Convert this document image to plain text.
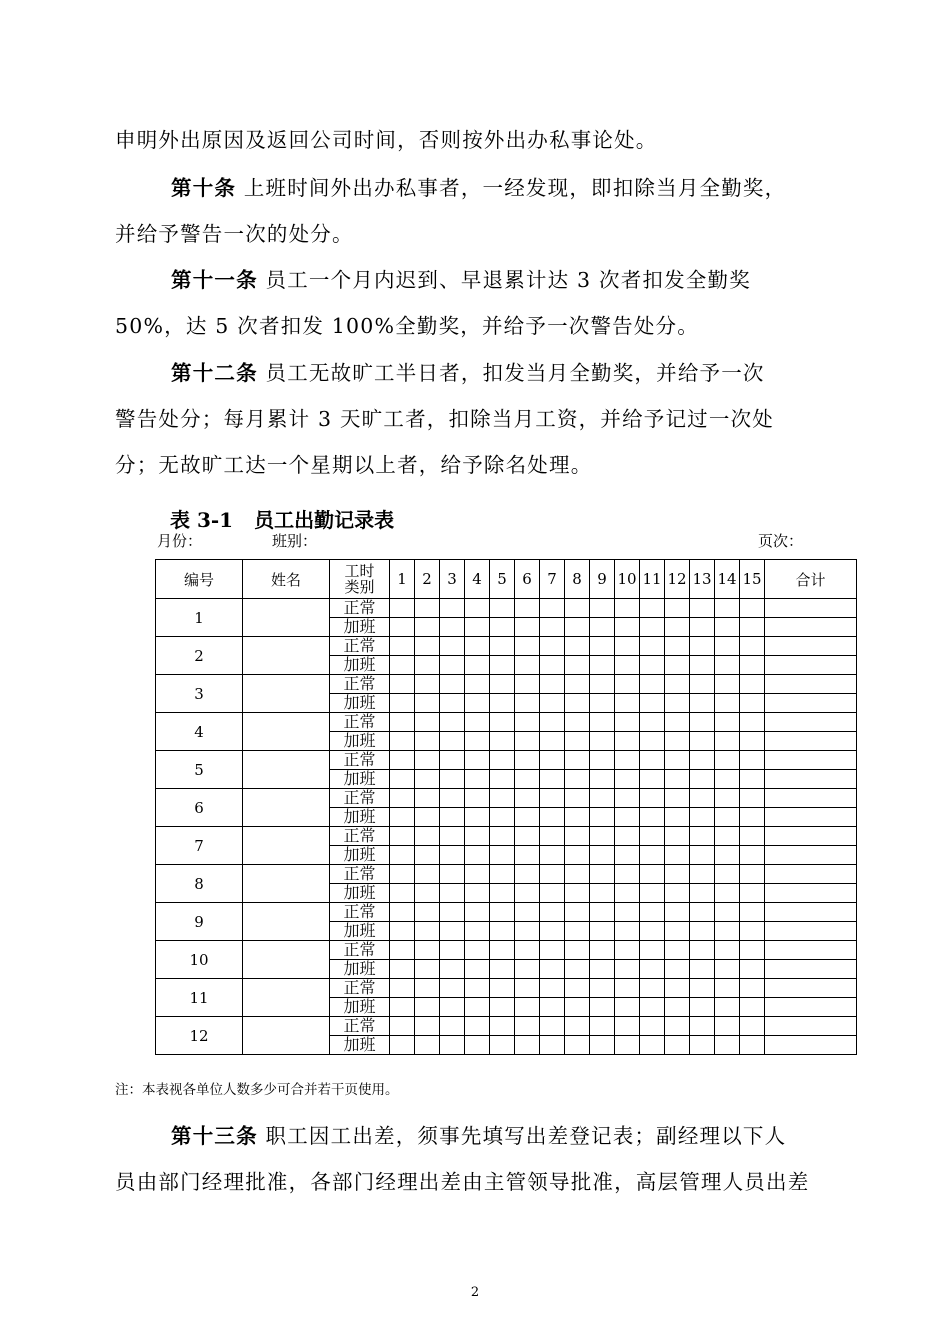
申明外出原因及返回公司时间，否则按外出办私事论处。

第十条 上班时间外出办私事者，一经发现，即扣除当月全勤奖，

并给予警告一次的处分。

第十一条 员工一个月内迟到、早退累计达 3 次者扣发全勤奖

50%，达 5 次者扣发 100%全勤奖，并给予一次警告处分。

第十二条 员工无故旷工半日者，扣发当月全勤奖，并给予一次

警告处分；每月累计 3 天旷工者，扣除当月工资，并给予记过一次处

分；无故旷工达一个星期以上者，给予除名处理。

表 3-1 员工出勤记录表
月份：	班别：	页次：
编号	姓名	工时
类别	1	2	3	4	5	6	7	8	9	10	11	12	13	14	15	合计
1		正常																
		加班																
2		正常																
		加班																
3		正常																
		加班																
4		正常																
		加班																
5		正常																
		加班																
6		正常																
		加班																
7		正常																
		加班																
8		正常																
		加班																
9		正常																
		加班																
10		正常																
		加班																
11		正常																
		加班																
12		正常																
		加班																
注：本表视各单位人数多少可合并若干页使用。

第十三条 职工因工出差，须事先填写出差登记表；副经理以下人

员由部门经理批准，各部门经理出差由主管领导批准，高层管理人员出差

2
